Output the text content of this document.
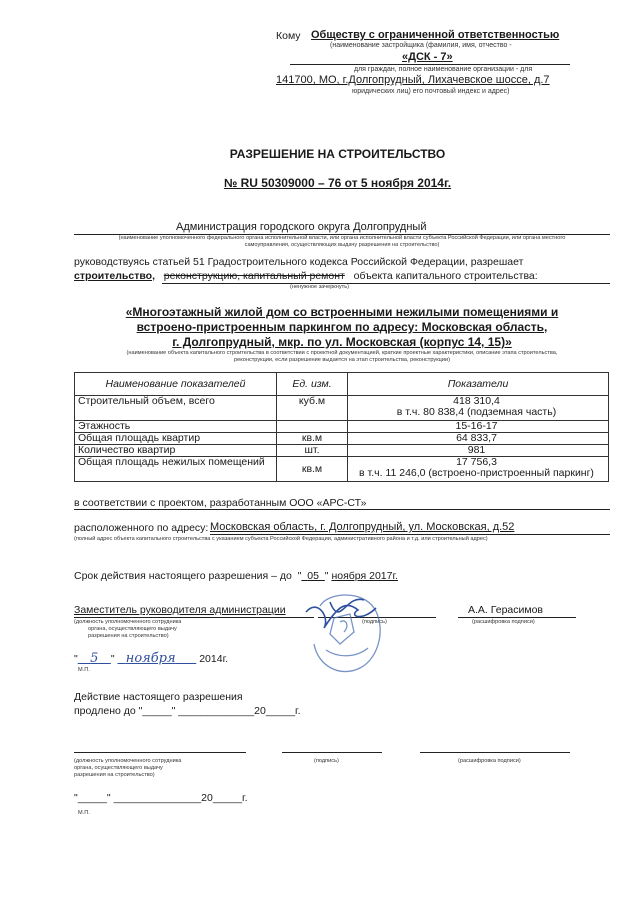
Кому Обществу с ограниченной ответственностью
(наименование застройщика (фамилия, имя, отчество -
«ДСК - 7»
для граждан, полное наименование организации - для
141700, МО, г.Долгопрудный, Лихачевское шоссе, д.7
юридических лиц) его почтовый индекс и адрес)
РАЗРЕШЕНИЕ НА СТРОИТЕЛЬСТВО
№ RU 50309000 – 76 от 5 ноября 2014г.
Администрация городского округа Долгопрудный
(наименование уполномоченного федерального органа исполнительной власти, или органа исполнительной власти субъекта Российской Федерации, или органа местного
самоуправления, осуществляющих выдачу разрешения на строительство)
руководствуясь статьей 51 Градостроительного кодекса Российской Федерации, разрешает
строительство, реконструкцию, капитальный ремонт объекта капитального строительства:
(ненужное зачеркнуть)
«Многоэтажный жилой дом со встроенными нежилыми помещениями и
встроено-пристроенным паркингом по адресу: Московская область,
г. Долгопрудный, мкр. по ул. Московская (корпус 14, 15)»
(наименование объекта капитального строительства в соответствии с проектной документацией, краткие проектные характеристики, описание этапа строительства,
реконструкции, если разрешение выдается на этап строительства, реконструкции)
Наименование показателей	Ед. изм.	Показатели
Строительный объем, всего	куб.м	418 310,4
в т.ч. 80 838,4 (подземная часть)

Этажность		15-16-17

Общая площадь квартир	кв.м	64 833,7

Количество квартир	шт.	981

Общая площадь нежилых помещений	кв.м	17 756,3
в т.ч. 11 246,0 (встроено-пристроенный паркинг)
в соответствии с проектом, разработанным ООО «АРС-СТ»
расположенного по адресу: Московская область, г. Долгопрудный, ул. Московская, д.52
(полный адрес объекта капитального строительства с указанием субъекта Российской Федерации, административного района и т.д. или строительный адрес)
Срок действия настоящего разрешения – до " 05 " ноября 2017г.
Заместитель руководителя администрации
(должность уполномоченного сотрудника
органа, осуществляющего выдачу
разрешения на строительство)
(подпись)
А.А. Герасимов
(расшифровка подписи)
" 5 " ноября 2014г.
М.П.
Действие настоящего разрешения
продлено до "_____" _____________20_____г.
(должность уполномоченного сотрудника
органа, осуществляющего выдачу
разрешения на строительство)
(подпись)	(расшифровка подписи)
"_____" _______________20_____г.
М.П.
